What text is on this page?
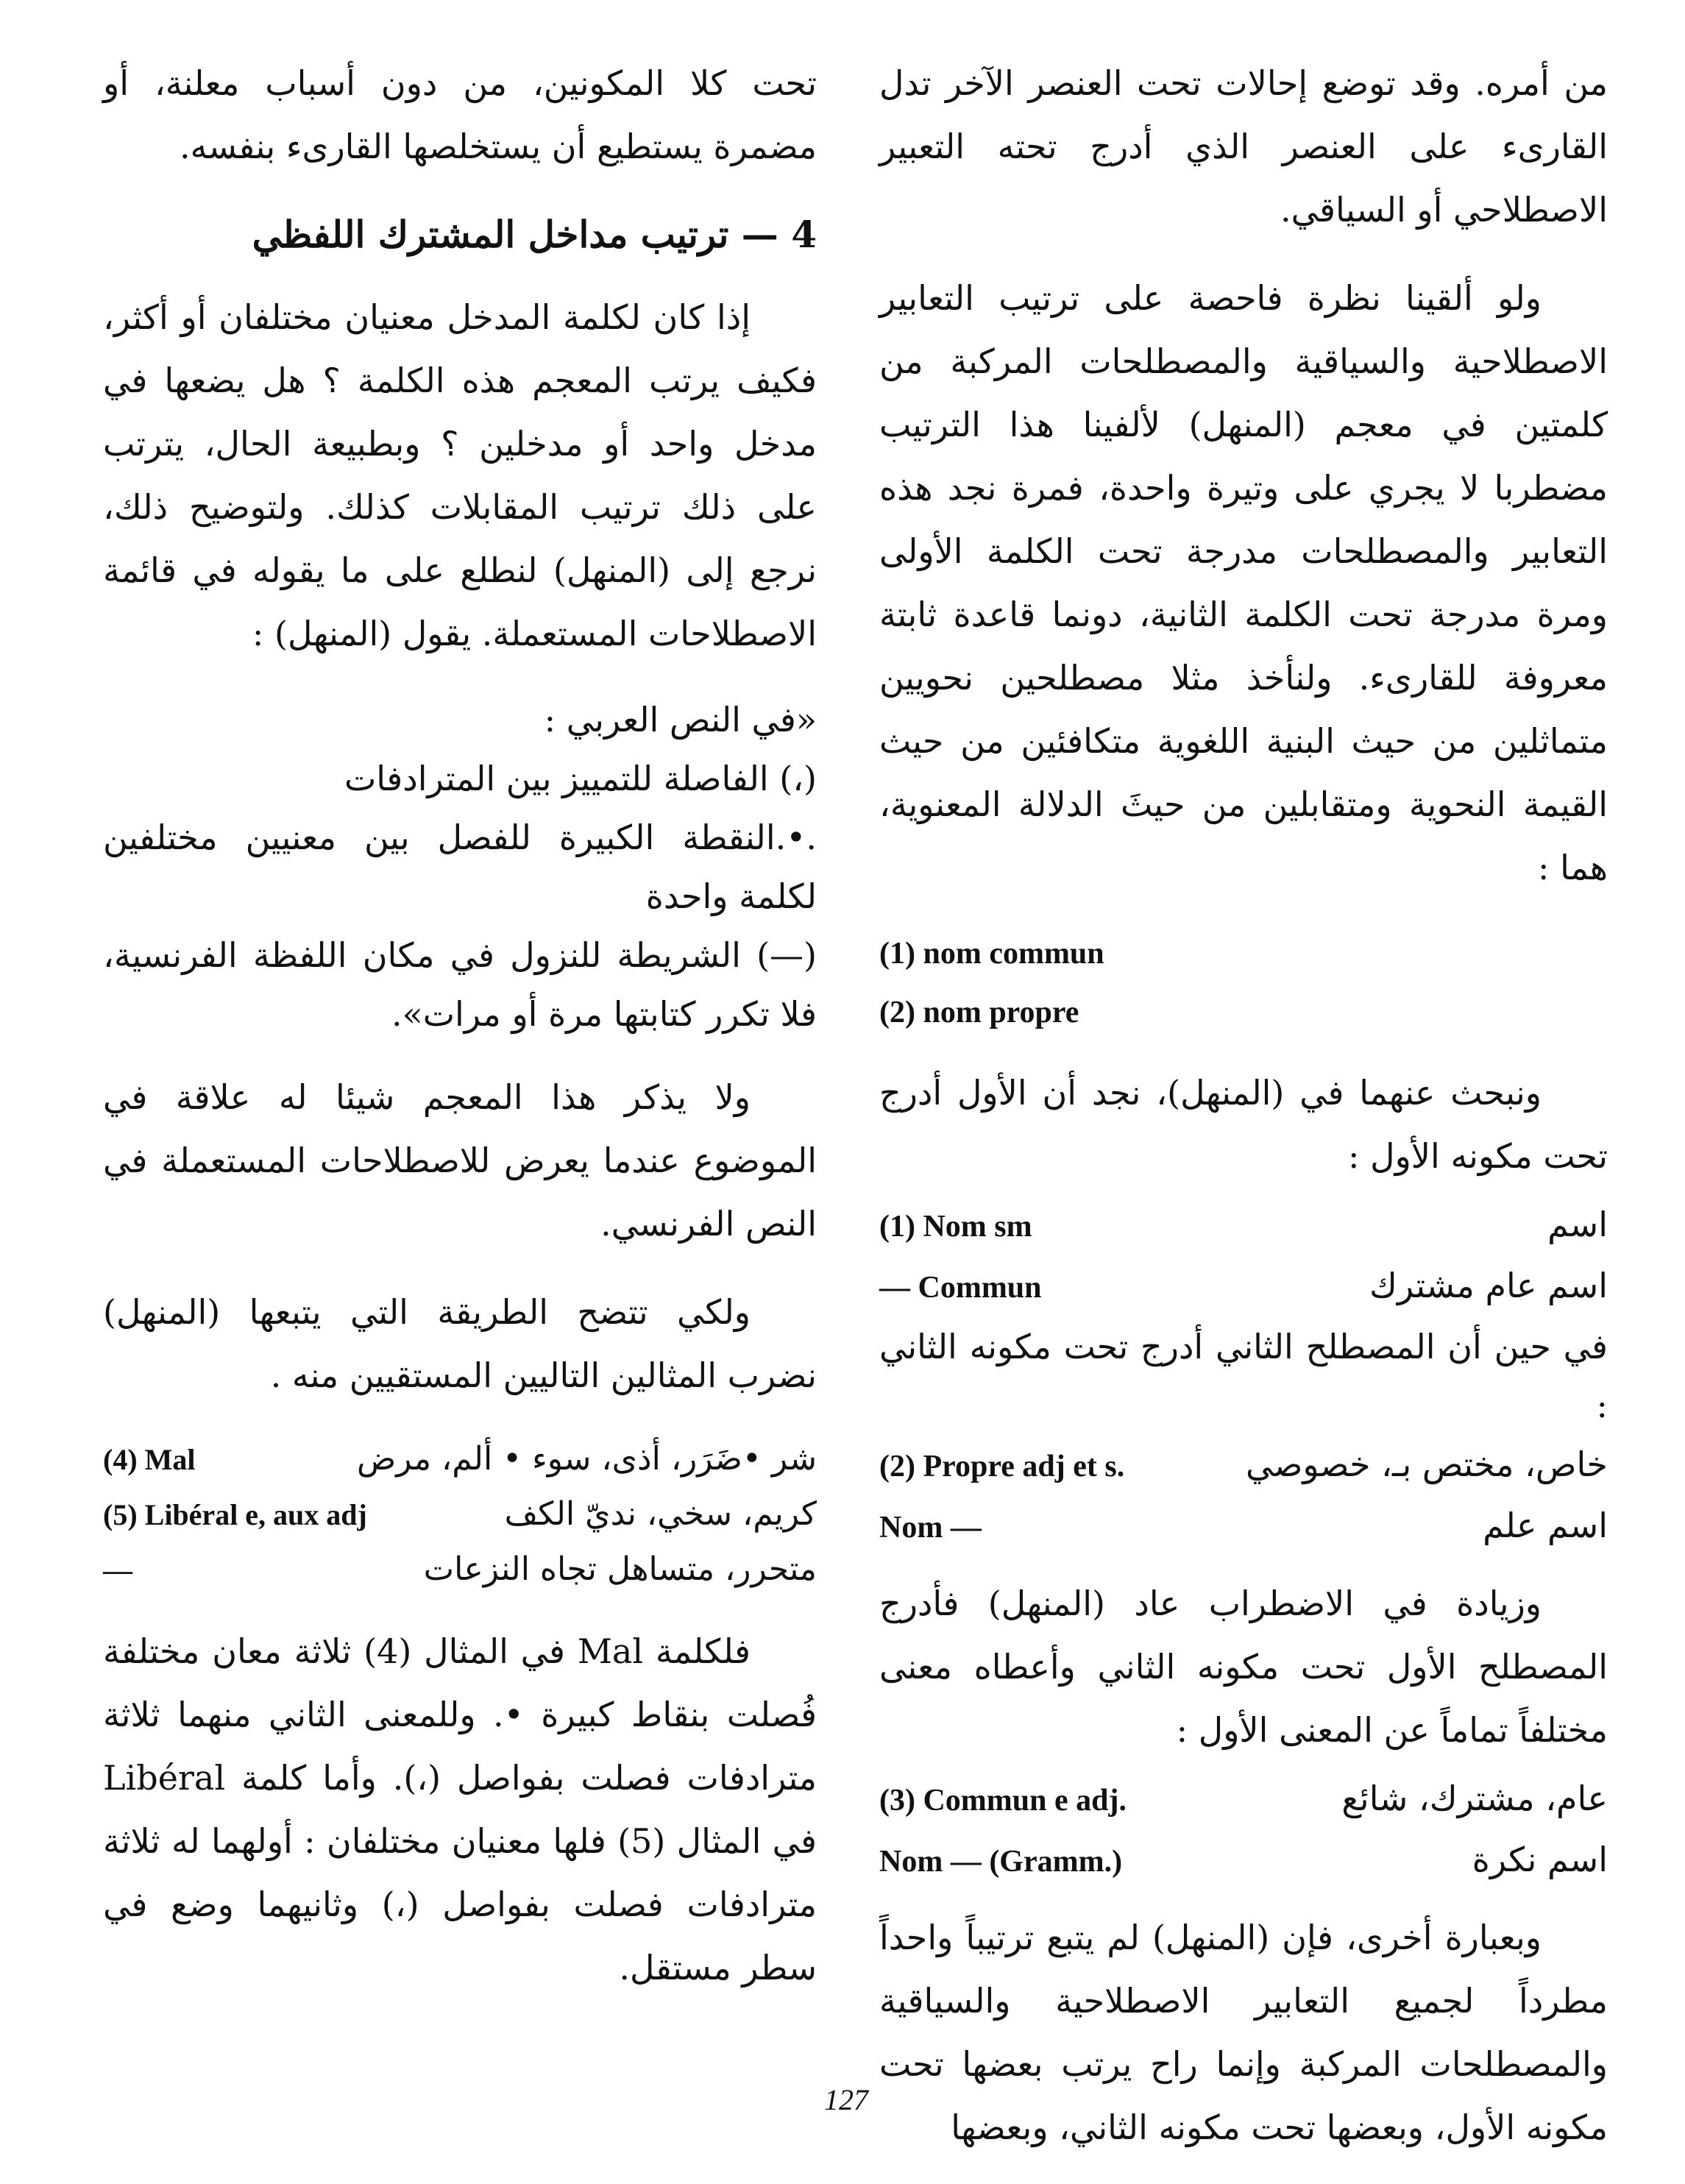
من أمره. وقد توضع إحالات تحت العنصر الآخر تدل القارىء على العنصر الذي أدرج تحته التعبير الاصطلاحي أو السياقي.

ولو ألقينا نظرة فاحصة على ترتيب التعابير الاصطلاحية والسياقية والمصطلحات المركبة من كلمتين في معجم (المنهل) لألفينا هذا الترتيب مضطربا لا يجري على وتيرة واحدة، فمرة نجد هذه التعابير والمصطلحات مدرجة تحت الكلمة الأولى ومرة مدرجة تحت الكلمة الثانية، دونما قاعدة ثابتة معروفة للقارىء. ولنأخذ مثلا مصطلحين نحويين متماثلين من حيث البنية اللغوية متكافئين من حيث القيمة النحوية ومتقابلين من حيثَ الدلالة المعنوية، هما :

(1) nom commun

(2) nom propre

ونبحث عنهما في (المنهل)، نجد أن الأول أدرج تحت مكونه الأول :

اسم
(1) Nom sm
اسم عام مشترك
— Commun

في حين أن المصطلح الثاني أدرج تحت مكونه الثاني :

خاص، مختص بـ، خصوصي
(2) Propre adj et s.
اسم علم
Nom —

وزيادة في الاضطراب عاد (المنهل) فأدرج المصطلح الأول تحت مكونه الثاني وأعطاه معنى مختلفاً تماماً عن المعنى الأول :

عام، مشترك، شائع
(3) Commun e adj.
اسم نكرة
Nom — (Gramm.)

وبعبارة أخرى، فإن (المنهل) لم يتبع ترتيباً واحداً مطرداً لجميع التعابير الاصطلاحية والسياقية والمصطلحات المركبة وإنما راح يرتب بعضها تحت مكونه الأول، وبعضها تحت مكونه الثاني، وبعضها

تحت كلا المكونين، من دون أسباب معلنة، أو مضمرة يستطيع أن يستخلصها القارىء بنفسه.

4 — ترتيب مداخل المشترك اللفظي

إذا كان لكلمة المدخل معنيان مختلفان أو أكثر، فكيف يرتب المعجم هذه الكلمة ؟ هل يضعها في مدخل واحد أو مدخلين ؟ وبطبيعة الحال، يترتب على ذلك ترتيب المقابلات كذلك. ولتوضيح ذلك، نرجع إلى (المنهل) لنطلع على ما يقوله في قائمة الاصطلاحات المستعملة. يقول (المنهل) :

«في النص العربي :

(،) الفاصلة للتمييز بين المترادفات

.•.النقطة الكبيرة للفصل بين معنيين مختلفين لكلمة واحدة

(—) الشريطة للنزول في مكان اللفظة الفرنسية، فلا تكرر كتابتها مرة أو مرات».

ولا يذكر هذا المعجم شيئا له علاقة في الموضوع عندما يعرض للاصطلاحات المستعملة في النص الفرنسي.

ولكي تتضح الطريقة التي يتبعها (المنهل) نضرب المثالين التاليين المستقيين منه .

شر •ضَرَر، أذى، سوء • ألم، مرض
(4) Mal
كريم، سخي، نديّ الكف
(5) Libéral e, aux adj
متحرر، متساهل تجاه النزعات
—

فلكلمة Mal في المثال (4) ثلاثة معان مختلفة فُصلت بنقاط كبيرة •. وللمعنى الثاني منهما ثلاثة مترادفات فصلت بفواصل (،). وأما كلمة Libéral في المثال (5) فلها معنيان مختلفان : أولهما له ثلاثة مترادفات فصلت بفواصل (،) وثانيهما وضع في سطر مستقل.

127
